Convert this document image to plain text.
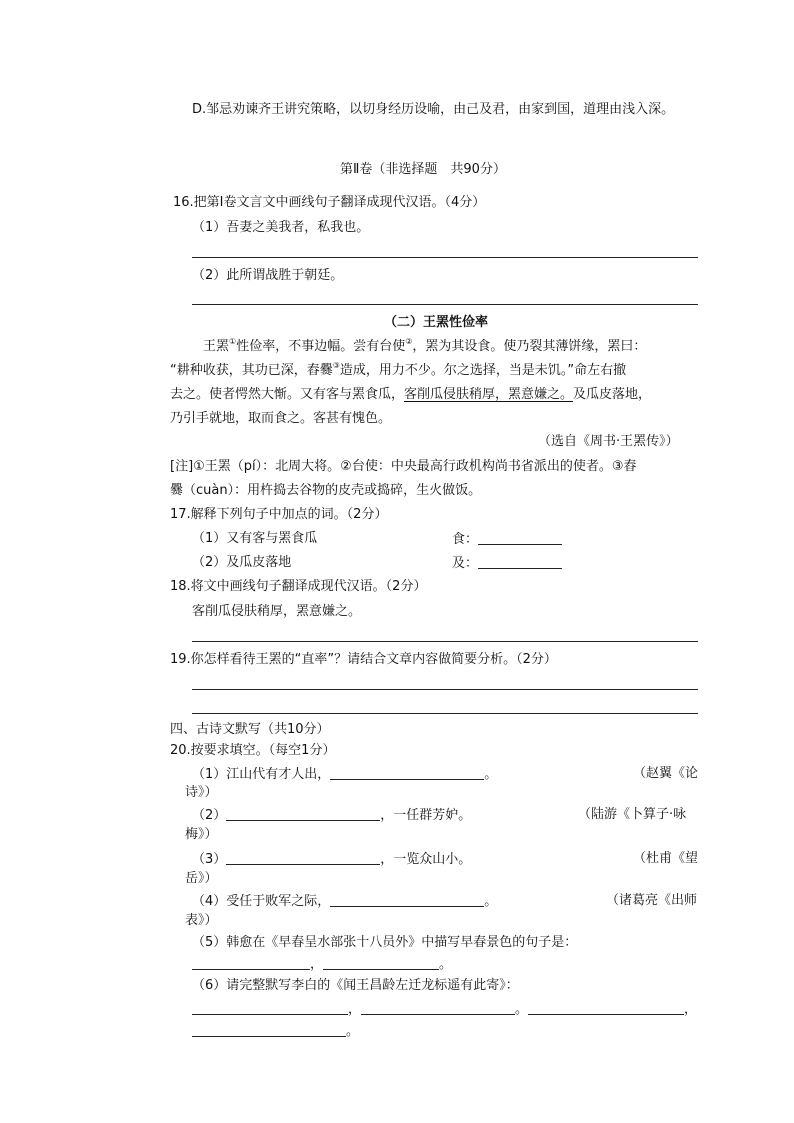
D.邹忌劝谏齐王讲究策略，以切身经历设喻，由己及君，由家到国，道理由浅入深。
第Ⅱ卷（非选择题　共90分）
16.把第Ⅰ卷文言文中画线句子翻译成现代汉语。（4分）
（1）吾妻之美我者，私我也。
（2）此所谓战胜于朝廷。
（二）王罴性俭率
王罴①性俭率，不事边幅。尝有台使②，罴为其设食。使乃裂其薄饼缘，罴曰：
“耕种收获，其功已深，舂爨③造成，用力不少。尔之选择，当是未饥。”命左右撤
去之。使者愕然大惭。又有客与罴食瓜，客削瓜侵肤稍厚，罴意嫌之。及瓜皮落地，
乃引手就地，取而食之。客甚有愧色。
（选自《周书·王罴传》）
[注]①王罴（pí）：北周大将。②台使：中央最高行政机构尚书省派出的使者。③舂
爨（cuàn）：用杵捣去谷物的皮壳或捣碎，生火做饭。
17.解释下列句子中加点的词。（2分）
（1）又有客与罴食瓜	食：
（2）及瓜皮落地	及：
18.将文中画线句子翻译成现代汉语。（2分）
客削瓜侵肤稍厚，罴意嫌之。
19.你怎样看待王罴的“直率”？请结合文章内容做简要分析。（2分）
四、古诗文默写（共10分）
20.按要求填空。（每空1分）
（1）江山代有才人出，	。	（赵翼《论
诗》）
（2）	，一任群芳妒。	（陆游《卜算子·咏
梅》）
（3）	，一览众山小。	（杜甫《望
岳》）
（4）受任于败军之际，	。	（诸葛亮《出师
表》）
（5）韩愈在《早春呈水部张十八员外》中描写早春景色的句子是：
，	。
（6）请完整默写李白的《闻王昌龄左迁龙标遥有此寄》：
，	。	，
。
